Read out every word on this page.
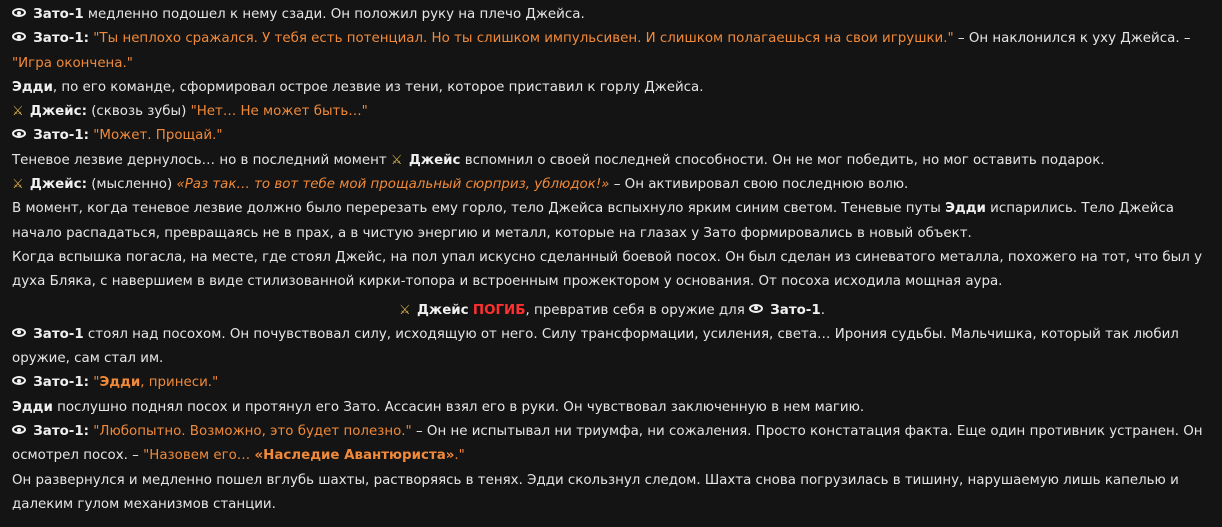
Зато-1 медленно подошел к нему сзади. Он положил руку на плечо Джейса.

Зато-1: "Ты неплохо сражался. У тебя есть потенциал. Но ты слишком импульсивен. И слишком полагаешься на свои игрушки." – Он наклонился к уху Джейса. – "Игра окончена."

Эдди, по его команде, сформировал острое лезвие из тени, которое приставил к горлу Джейса.

⚔ Джейс: (сквозь зубы) "Нет… Не может быть…"

Зато-1: "Может. Прощай."

Теневое лезвие дернулось… но в последний момент ⚔ Джейс вспомнил о своей последней способности. Он не мог победить, но мог оставить подарок.

⚔ Джейс: (мысленно) «Раз так… то вот тебе мой прощальный сюрприз, ублюдок!» – Он активировал свою последнюю волю.

В момент, когда теневое лезвие должно было перерезать ему горло, тело Джейса вспыхнуло ярким синим светом. Теневые путы Эдди испарились. Тело Джейса начало распадаться, превращаясь не в прах, а в чистую энергию и металл, которые на глазах у Зато формировались в новый объект.

Когда вспышка погасла, на месте, где стоял Джейс, на пол упал искусно сделанный боевой посох. Он был сделан из синеватого металла, похожего на тот, что был у духа Бляка, с навершием в виде стилизованной кирки-топора и встроенным прожектором у основания. От посоха исходила мощная аура.

⚔ Джейс ПОГИБ, превратив себя в оружие для  Зато-1.

Зато-1 стоял над посохом. Он почувствовал силу, исходящую от него. Силу трансформации, усиления, света… Ирония судьбы. Мальчишка, который так любил оружие, сам стал им.

Зато-1: "Эдди, принеси."

Эдди послушно поднял посох и протянул его Зато. Ассасин взял его в руки. Он чувствовал заключенную в нем магию.

Зато-1: "Любопытно. Возможно, это будет полезно." – Он не испытывал ни триумфа, ни сожаления. Просто констатация факта. Еще один противник устранен. Он осмотрел посох. – "Назовем его… «Наследие Авантюриста»."

Он развернулся и медленно пошел вглубь шахты, растворяясь в тенях. Эдди скользнул следом. Шахта снова погрузилась в тишину, нарушаемую лишь капелью и далеким гулом механизмов станции.
